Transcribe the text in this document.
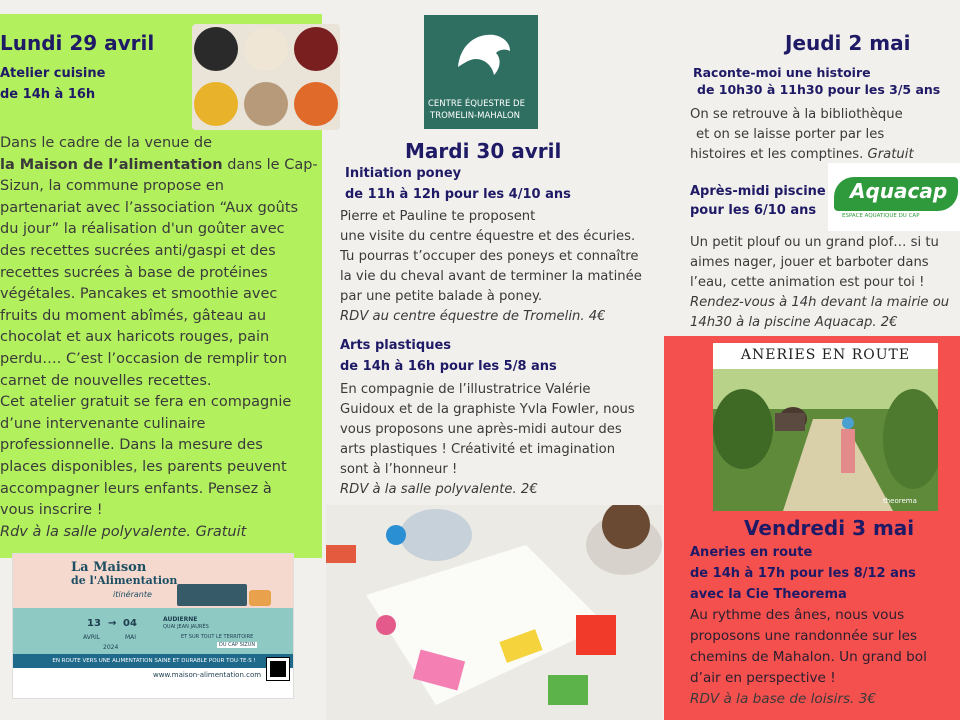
Lundi 29 avril
Atelier cuisine
de 14h à 16h
Dans le cadre de la venue de
la Maison de l’alimentation dans le Cap-
Sizun, la commune propose en
partenariat avec l’association “Aux goûts
du jour” la réalisation d'un goûter avec
des recettes sucrées anti/gaspi et des
recettes sucrées à base de protéines
végétales. Pancakes et smoothie avec
fruits du moment abîmés, gâteau au
chocolat et aux haricots rouges, pain
perdu…. C’est l’occasion de remplir ton
carnet de nouvelles recettes.
Cet atelier gratuit se fera en compagnie
d’une intervenante culinaire
professionnelle. Dans la mesure des
places disponibles, les parents peuvent
accompagner leurs enfants. Pensez à
vous inscrire !
Rdv à la salle polyvalente. Gratuit
La Maison
de l'Alimentation
itinérante
13 → 04
AVRIL	MAI
2024
AUDIERNE
QUAI JEAN JAURÈS
ET SUR TOUT LE TERRITOIRE
DU CAP SIZUN
EN ROUTE VERS UNE ALIMENTATION SAINE ET DURABLE POUR TOU·TE·S !
www.maison-alimentation.com
CENTRE ÉQUESTRE DE
TROMELIN-MAHALON
Mardi 30 avril
Initiation poney
de 11h à 12h pour les 4/10 ans
Pierre et Pauline te proposent
une visite du centre équestre et des écuries.
Tu pourras t’occuper des poneys et connaître
la vie du cheval avant de terminer la matinée
par une petite balade à poney.
RDV au centre équestre de Tromelin. 4€
Arts plastiques
de 14h à 16h pour les 5/8 ans
En compagnie de l’illustratrice Valérie
Guidoux et de la graphiste Yvla Fowler, nous
vous proposons une après-midi autour des
arts plastiques ! Créativité et imagination
sont à l’honneur !
RDV à la salle polyvalente. 2€
Jeudi 2 mai
Raconte-moi une histoire
de 10h30 à 11h30 pour les 3/5 ans
On se retrouve à la bibliothèque
et on se laisse porter par les
histoires et les comptines. Gratuit
Après-midi piscine
pour les 6/10 ans
Aquacap
ESPACE AQUATIQUE DU CAP
Un petit plouf ou un grand plof… si tu
aimes nager, jouer et barboter dans
l’eau, cette animation est pour toi !
Rendez-vous à 14h devant la mairie ou
14h30 à la piscine Aquacap. 2€
ANERIES EN ROUTE
theorema
Vendredi 3 mai
Aneries en route
de 14h à 17h pour les 8/12 ans
avec la Cie Theorema
Au rythme des ânes, nous vous
proposons une randonnée sur les
chemins de Mahalon. Un grand bol
d’air en perspective !
RDV à la base de loisirs. 3€
